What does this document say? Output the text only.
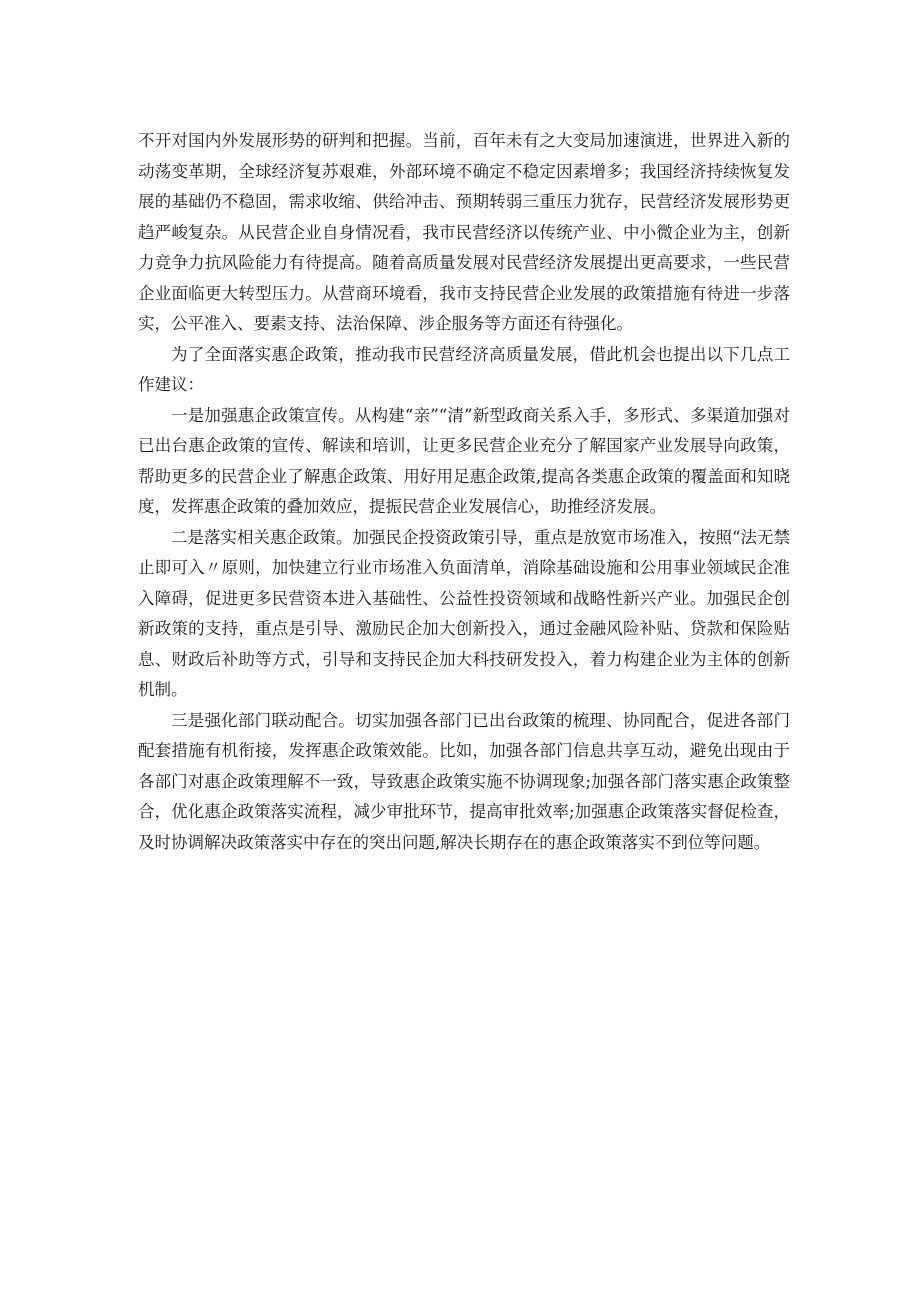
不开对国内外发展形势的研判和把握。当前，百年未有之大变局加速演进，世界进入新的动荡变革期，全球经济复苏艰难，外部环境不确定不稳定因素增多；我国经济持续恢复发展的基础仍不稳固，需求收缩、供给冲击、预期转弱三重压力犹存，民营经济发展形势更趋严峻复杂。从民营企业自身情况看，我市民营经济以传统产业、中小微企业为主，创新力竞争力抗风险能力有待提高。随着高质量发展对民营经济发展提出更高要求，一些民营企业面临更大转型压力。从营商环境看，我市支持民营企业发展的政策措施有待进一步落实，公平准入、要素支持、法治保障、涉企服务等方面还有待强化。

为了全面落实惠企政策，推动我市民营经济高质量发展，借此机会也提出以下几点工作建议：

一是加强惠企政策宣传。从构建“亲”“清”新型政商关系入手，多形式、多渠道加强对已出台惠企政策的宣传、解读和培训，让更多民营企业充分了解国家产业发展导向政策，帮助更多的民营企业了解惠企政策、用好用足惠企政策,提高各类惠企政策的覆盖面和知晓度，发挥惠企政策的叠加效应，提振民营企业发展信心，助推经济发展。

二是落实相关惠企政策。加强民企投资政策引导，重点是放宽市场准入，按照“法无禁止即可入〃原则，加快建立行业市场准入负面清单，消除基础设施和公用事业领域民企准入障碍，促进更多民营资本进入基础性、公益性投资领域和战略性新兴产业。加强民企创新政策的支持，重点是引导、激励民企加大创新投入，通过金融风险补贴、贷款和保险贴息、财政后补助等方式，引导和支持民企加大科技研发投入，着力构建企业为主体的创新机制。

三是强化部门联动配合。切实加强各部门已出台政策的梳理、协同配合，促进各部门配套措施有机衔接，发挥惠企政策效能。比如，加强各部门信息共享互动，避免出现由于各部门对惠企政策理解不一致，导致惠企政策实施不协调现象;加强各部门落实惠企政策整合，优化惠企政策落实流程，减少审批环节，提高审批效率;加强惠企政策落实督促检查，及时协调解决政策落实中存在的突出问题,解决长期存在的惠企政策落实不到位等问题。
